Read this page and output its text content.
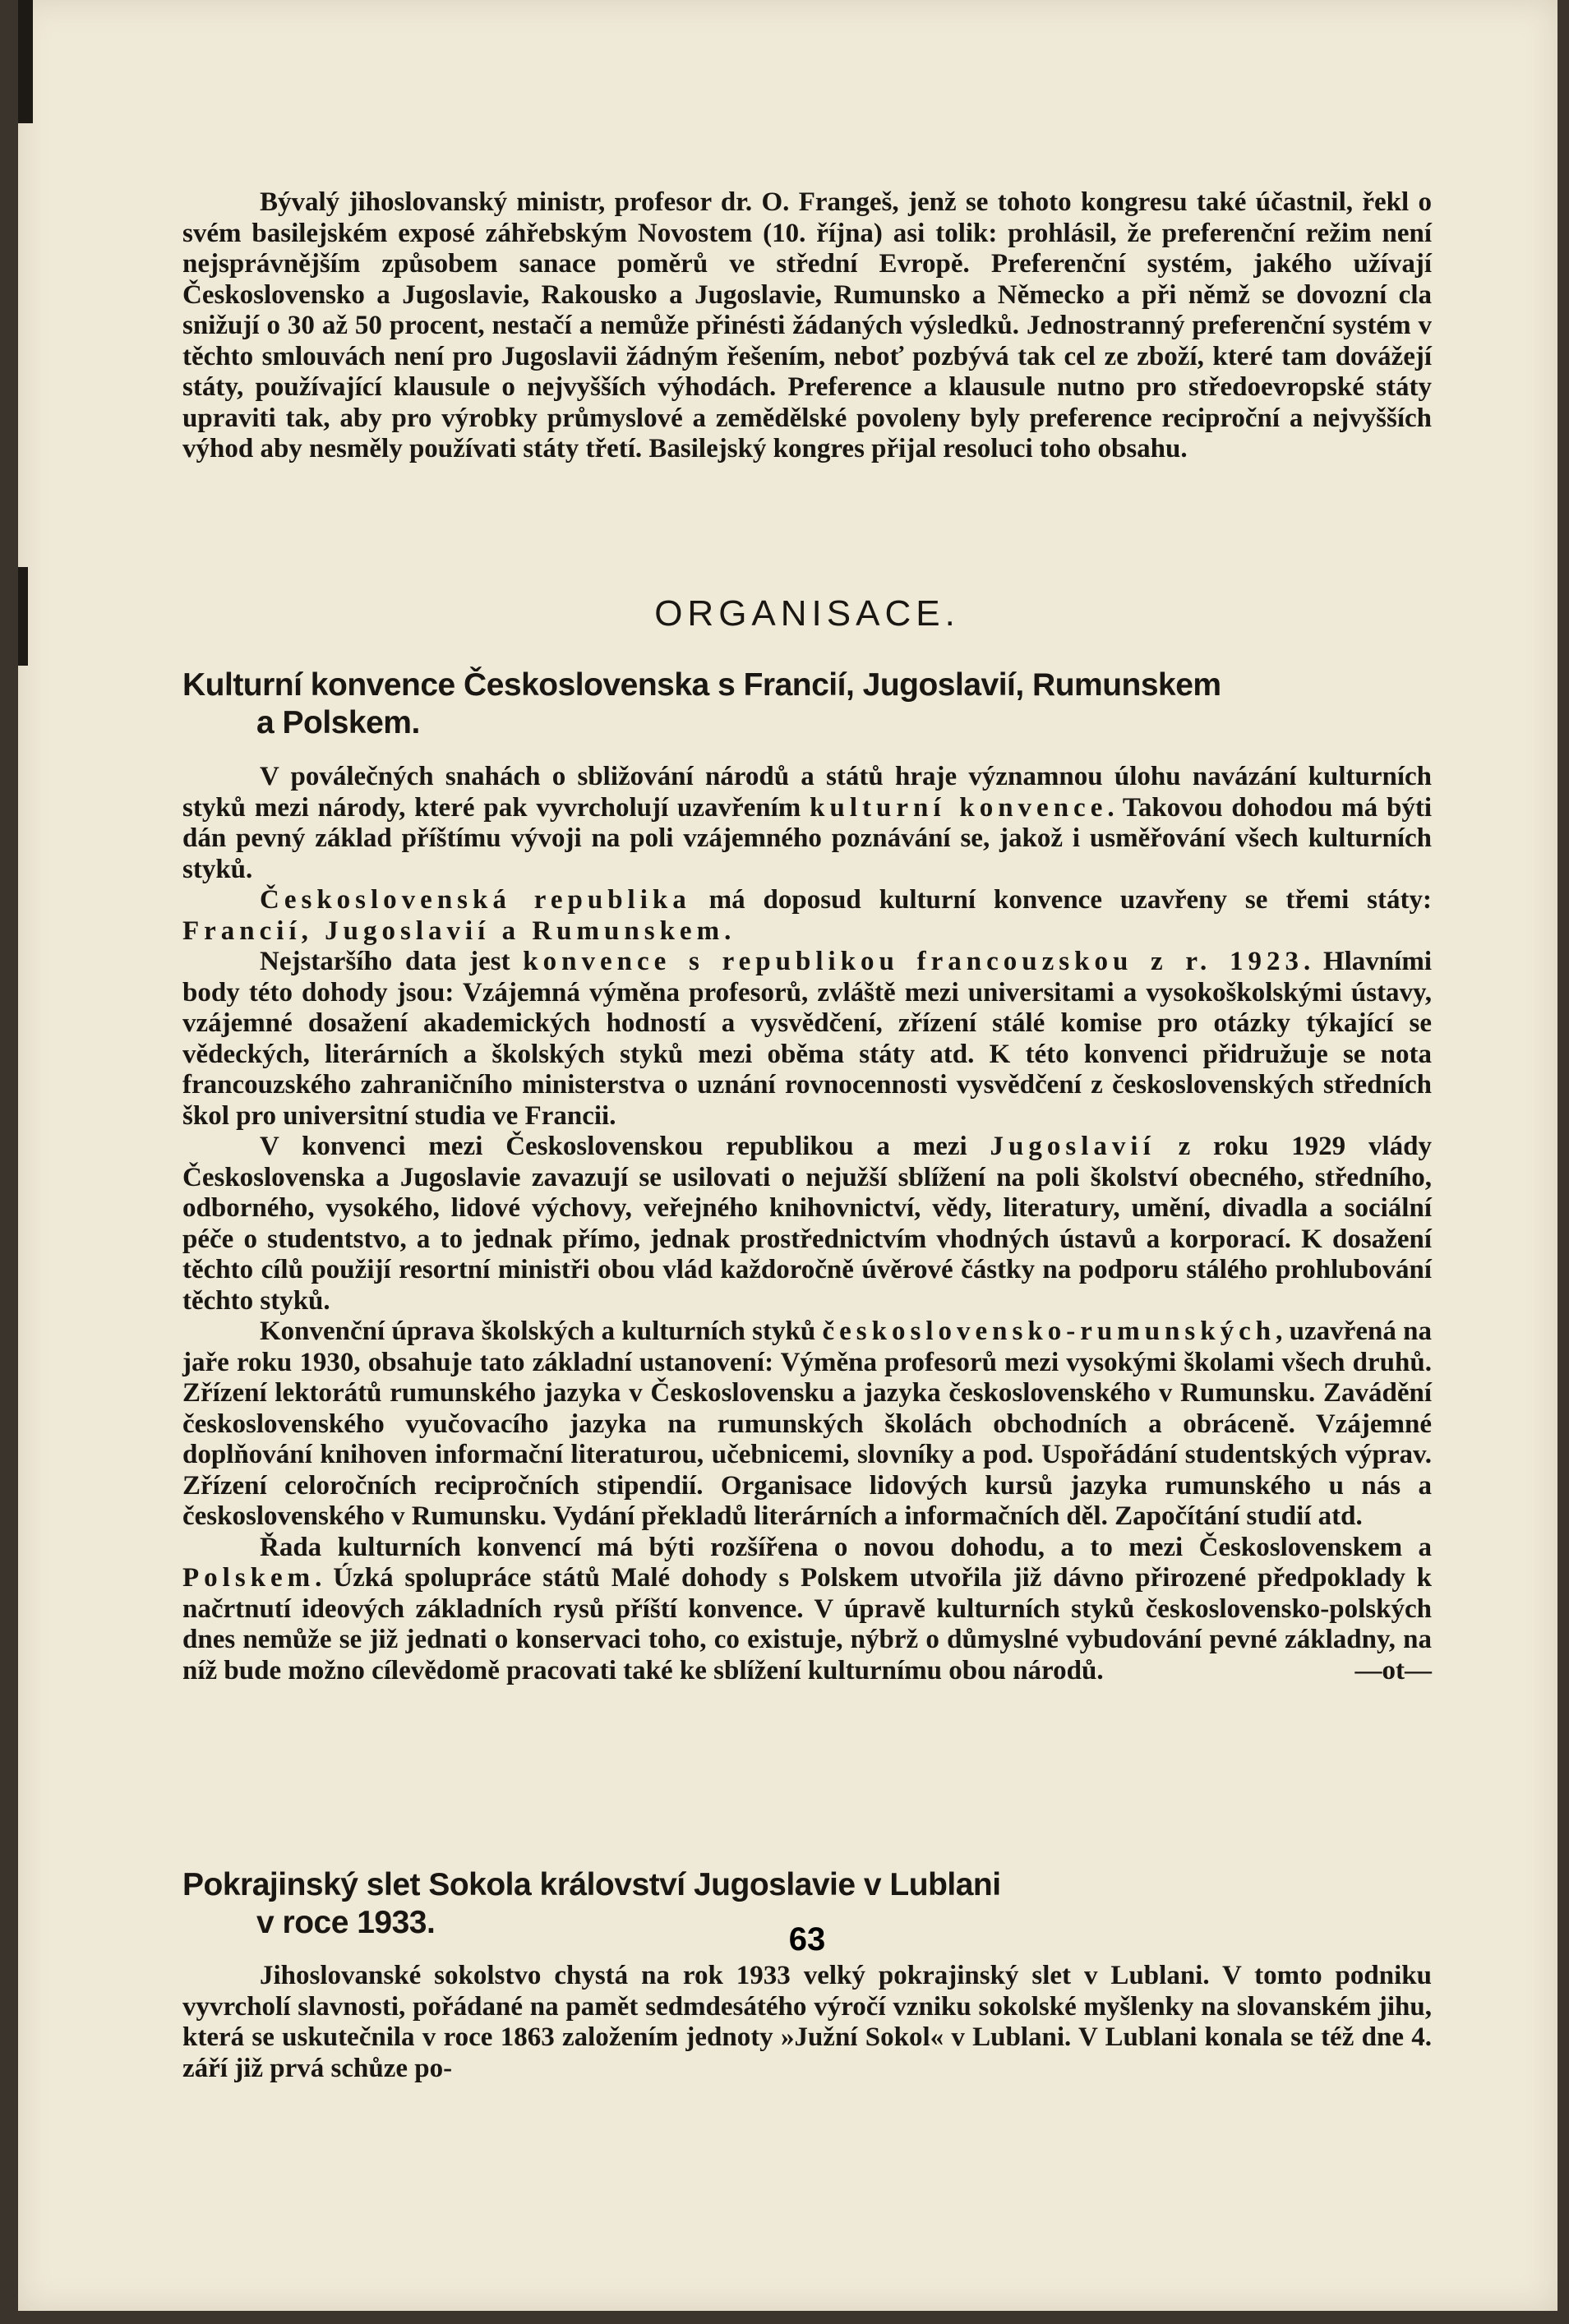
Bývalý jihoslovanský ministr, profesor dr. O. Frangeš, jenž se tohoto kongresu také účastnil, řekl o svém basilejském exposé záhřebským Novostem (10. října) asi tolik: prohlásil, že preferenční režim není nejsprávnějším způsobem sanace poměrů ve střední Evropě. Preferenční systém, jakého užívají Československo a Jugoslavie, Rakousko a Jugoslavie, Rumunsko a Německo a při němž se dovozní cla snižují o 30 až 50 procent, nestačí a nemůže přinésti žádaných výsledků. Jednostranný preferenční systém v těchto smlouvách není pro Jugoslavii žádným řešením, neboť pozbývá tak cel ze zboží, které tam dovážejí státy, používající klausule o nejvyšších výhodách. Preference a klausule nutno pro středoevropské státy upraviti tak, aby pro výrobky průmyslové a zemědělské povoleny byly preference reciproční a nejvyšších výhod aby nesměly používati státy třetí. Basilejský kongres přijal resoluci toho obsahu.

ORGANISACE.
Kulturní konvence Československa s Francií, Jugoslavií, Rumunskem
a Polskem.

V poválečných snahách o sbližování národů a států hraje významnou úlohu navázání kulturních styků mezi národy, které pak vyvrcholují uzavřením kulturní konvence. Takovou dohodou má býti dán pevný základ příštímu vývoji na poli vzájemného poznávání se, jakož i usměřování všech kulturních styků.

Československá republika má doposud kulturní konvence uzavřeny se třemi státy: Francií, Jugoslavií a Rumunskem.

Nejstaršího data jest konvence s republikou francouzskou z r. 1923. Hlavními body této dohody jsou: Vzájemná výměna profesorů, zvláště mezi universitami a vysokoškolskými ústavy, vzájemné dosažení akademických hodností a vysvědčení, zřízení stálé komise pro otázky týkající se vědeckých, literárních a školských styků mezi oběma státy atd. K této konvenci přidružuje se nota francouzského zahraničního ministerstva o uznání rovnocennosti vysvědčení z československých středních škol pro universitní studia ve Francii.

V konvenci mezi Československou republikou a mezi Jugoslavií z roku 1929 vlády Československa a Jugoslavie zavazují se usilovati o nejužší sblížení na poli školství obecného, středního, odborného, vysokého, lidové výchovy, veřejného knihovnictví, vědy, literatury, umění, divadla a sociální péče o studentstvo, a to jednak přímo, jednak prostřednictvím vhodných ústavů a korporací. K dosažení těchto cílů použijí resortní ministři obou vlád každoročně úvěrové částky na podporu stálého prohlubování těchto styků.

Konvenční úprava školských a kulturních styků československo-rumunských, uzavřená na jaře roku 1930, obsahuje tato základní ustanovení: Výměna profesorů mezi vysokými školami všech druhů. Zřízení lektorátů rumunského jazyka v Československu a jazyka československého v Rumunsku. Zavádění československého vyučovacího jazyka na rumunských školách obchodních a obráceně. Vzájemné doplňování knihoven informační literaturou, učebnicemi, slovníky a pod. Uspořádání studentských výprav. Zřízení celoročních recipročních stipendií. Organisace lidových kursů jazyka rumunského u nás a československého v Rumunsku. Vydání překladů literárních a informačních děl. Započítání studií atd.

Řada kulturních konvencí má býti rozšířena o novou dohodu, a to mezi Československem a Polskem. Úzká spolupráce států Malé dohody s Polskem utvořila již dávno přirozené předpoklady k načrtnutí ideových základních rysů příští konvence. V úpravě kulturních styků československo-polských dnes nemůže se již jednati o konservaci toho, co existuje, nýbrž o důmyslné vybudování pevné základny, na níž bude možno cílevědomě pracovati také ke sblížení kulturnímu obou národů.	—ot—

Pokrajinský slet Sokola království Jugoslavie v Lublani
v roce 1933.

Jihoslovanské sokolstvo chystá na rok 1933 velký pokrajinský slet v Lublani. V tomto podniku vyvrcholí slavnosti, pořádané na pamět sedmdesátého výročí vzniku sokolské myšlenky na slovanském jihu, která se uskutečnila v roce 1863 založením jednoty »Južní Sokol« v Lublani. V Lublani konala se též dne 4. září již prvá schůze po-

63
